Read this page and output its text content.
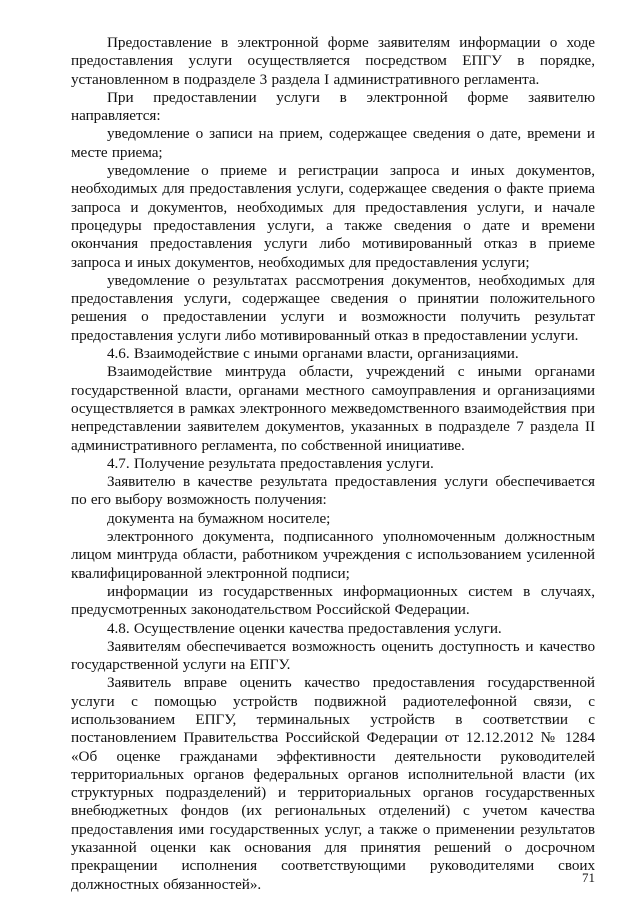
Предоставление в электронной форме заявителям информации о ходе предоставления услуги осуществляется посредством ЕПГУ в порядке, установленном в подразделе 3 раздела I административного регламента.

При предоставлении услуги в электронной форме заявителю направляется:

уведомление о записи на прием, содержащее сведения о дате, времени и месте приема;

уведомление о приеме и регистрации запроса и иных документов, необходимых для предоставления услуги, содержащее сведения о факте приема запроса и документов, необходимых для предоставления услуги, и начале процедуры предоставления услуги, а также сведения о дате и времени окончания предоставления услуги либо мотивированный отказ в приеме запроса и иных документов, необходимых для предоставления услуги;

уведомление о результатах рассмотрения документов, необходимых для предоставления услуги, содержащее сведения о принятии положительного решения о предоставлении услуги и возможности получить результат предоставления услуги либо мотивированный отказ в предоставлении услуги.

4.6. Взаимодействие с иными органами власти, организациями.

Взаимодействие минтруда области, учреждений с иными органами государственной власти, органами местного самоуправления и организациями осуществляется в рамках электронного межведомственного взаимодействия при непредставлении заявителем документов, указанных в подразделе 7 раздела II административного регламента, по собственной инициативе.

4.7. Получение результата предоставления услуги.

Заявителю в качестве результата предоставления услуги обеспечивается по его выбору возможность получения:

документа на бумажном носителе;

электронного документа, подписанного уполномоченным должностным лицом минтруда области, работником учреждения с использованием усиленной квалифицированной электронной подписи;

информации из государственных информационных систем в случаях, предусмотренных законодательством Российской Федерации.

4.8. Осуществление оценки качества предоставления услуги.

Заявителям обеспечивается возможность оценить доступность и качество государственной услуги на ЕПГУ.

Заявитель вправе оценить качество предоставления государственной услуги с помощью устройств подвижной радиотелефонной связи, с использованием ЕПГУ, терминальных устройств в соответствии с постановлением Правительства Российской Федерации от 12.12.2012 № 1284 «Об оценке гражданами эффективности деятельности руководителей территориальных органов федеральных органов исполнительной власти (их структурных подразделений) и территориальных органов государственных внебюджетных фондов (их региональных отделений) с учетом качества предоставления ими государственных услуг, а также о применении результатов указанной оценки как основания для принятия решений о досрочном прекращении исполнения соответствующими руководителями своих должностных обязанностей».	71
